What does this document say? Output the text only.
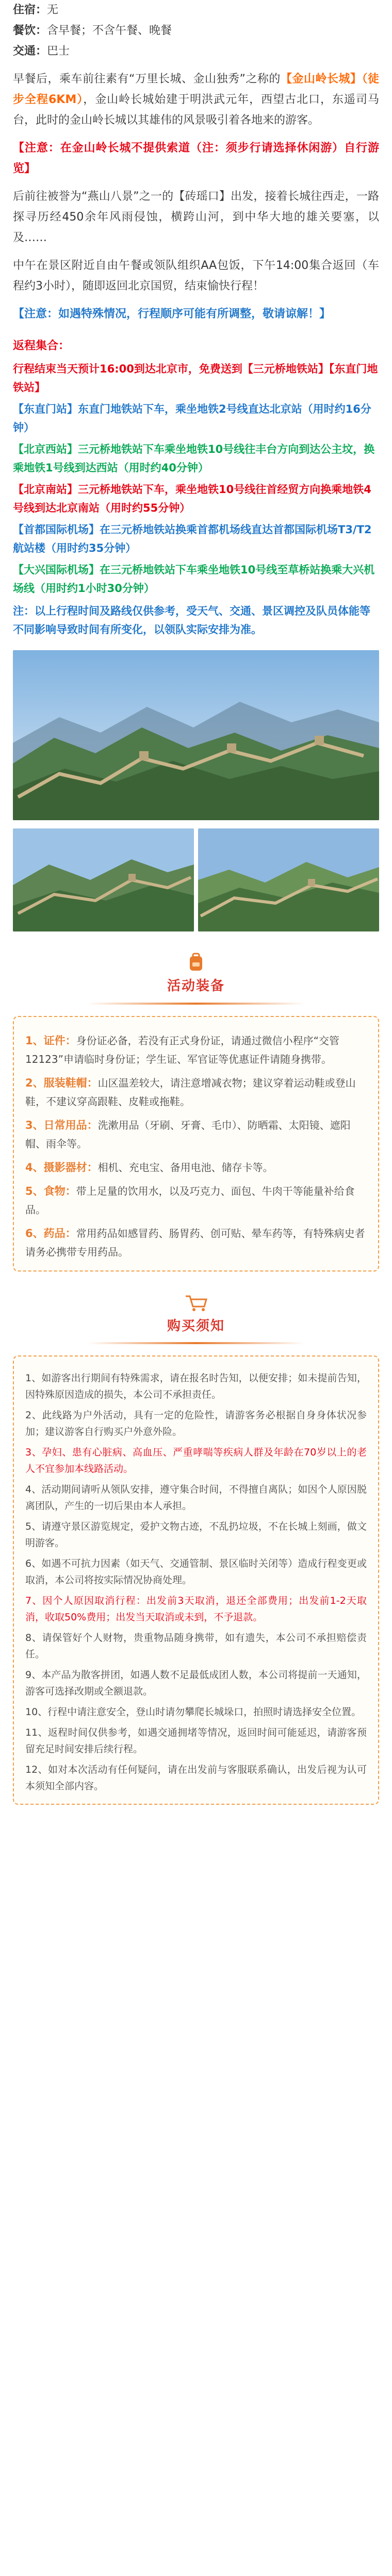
住宿：无
餐饮：含早餐；不含午餐、晚餐
交通：巴士
早餐后，乘车前往素有“万里长城、金山独秀”之称的【金山岭长城】（徒步全程6KM），金山岭长城始建于明洪武元年，西望古北口，东遥司马台，此时的金山岭长城以其雄伟的风景吸引着各地来的游客。
【注意：在金山岭长城不提供索道（注：须步行请选择休闲游）自行游览】
后前往被誉为“燕山八景”之一的【砖瑶口】出发，接着长城往西走，一路探寻历经450余年风雨侵蚀，横跨山河，到中华大地的雄关要塞，以及……
中午在景区附近自由午餐或领队组织AA包饭，下午14:00集合返回（车程约3小时），随即返回北京国贸，结束愉快行程！
【注意：如遇特殊情况，行程顺序可能有所调整，敬请谅解！】
返程集合：
行程结束当天预计16:00到达北京市，免费送到【三元桥地铁站】【东直门地铁站】
【东直门站】东直门地铁站下车，乘坐地铁2号线直达北京站（用时约16分钟）
【北京西站】三元桥地铁站下车乘坐地铁10号线往丰台方向到达公主坟，换乘地铁1号线到达西站（用时约40分钟）
【北京南站】三元桥地铁站下车，乘坐地铁10号线往首经贸方向换乘地铁4号线到达北京南站（用时约55分钟）
【首都国际机场】在三元桥地铁站换乘首都机场线直达首都国际机场T3/T2航站楼（用时约35分钟）
【大兴国际机场】在三元桥地铁站下车乘坐地铁10号线至草桥站换乘大兴机场线（用时约1小时30分钟）
注：以上行程时间及路线仅供参考，受天气、交通、景区调控及队员体能等不同影响导致时间有所变化，以领队实际安排为准。
活动装备
1、证件：身份证必备，若没有正式身份证，请通过微信小程序“交管12123”申请临时身份证；学生证、军官证等优惠证件请随身携带。
2、服装鞋帽：山区温差较大，请注意增减衣物；建议穿着运动鞋或登山鞋，不建议穿高跟鞋、皮鞋或拖鞋。
3、日常用品：洗漱用品（牙刷、牙膏、毛巾）、防晒霜、太阳镜、遮阳帽、雨伞等。
4、摄影器材：相机、充电宝、备用电池、储存卡等。
5、食物：带上足量的饮用水，以及巧克力、面包、牛肉干等能量补给食品。
6、药品：常用药品如感冒药、肠胃药、创可贴、晕车药等，有特殊病史者请务必携带专用药品。
购买须知
1、如游客出行期间有特殊需求，请在报名时告知，以便安排；如未提前告知，因特殊原因造成的损失，本公司不承担责任。
2、此线路为户外活动，具有一定的危险性，请游客务必根据自身身体状况参加；建议游客自行购买户外意外险。
3、孕妇、患有心脏病、高血压、严重哮喘等疾病人群及年龄在70岁以上的老人不宜参加本线路活动。
4、活动期间请听从领队安排，遵守集合时间，不得擅自离队；如因个人原因脱离团队，产生的一切后果由本人承担。
5、请遵守景区游览规定，爱护文物古迹，不乱扔垃圾，不在长城上刻画，做文明游客。
6、如遇不可抗力因素（如天气、交通管制、景区临时关闭等）造成行程变更或取消，本公司将按实际情况协商处理。
7、因个人原因取消行程：出发前3天取消，退还全部费用；出发前1-2天取消，收取50%费用；出发当天取消或未到，不予退款。
8、请保管好个人财物，贵重物品随身携带，如有遗失，本公司不承担赔偿责任。
9、本产品为散客拼团，如遇人数不足最低成团人数，本公司将提前一天通知，游客可选择改期或全额退款。
10、行程中请注意安全，登山时请勿攀爬长城垛口，拍照时请选择安全位置。
11、返程时间仅供参考，如遇交通拥堵等情况，返回时间可能延迟，请游客预留充足时间安排后续行程。
12、如对本次活动有任何疑问，请在出发前与客服联系确认，出发后视为认可本须知全部内容。
